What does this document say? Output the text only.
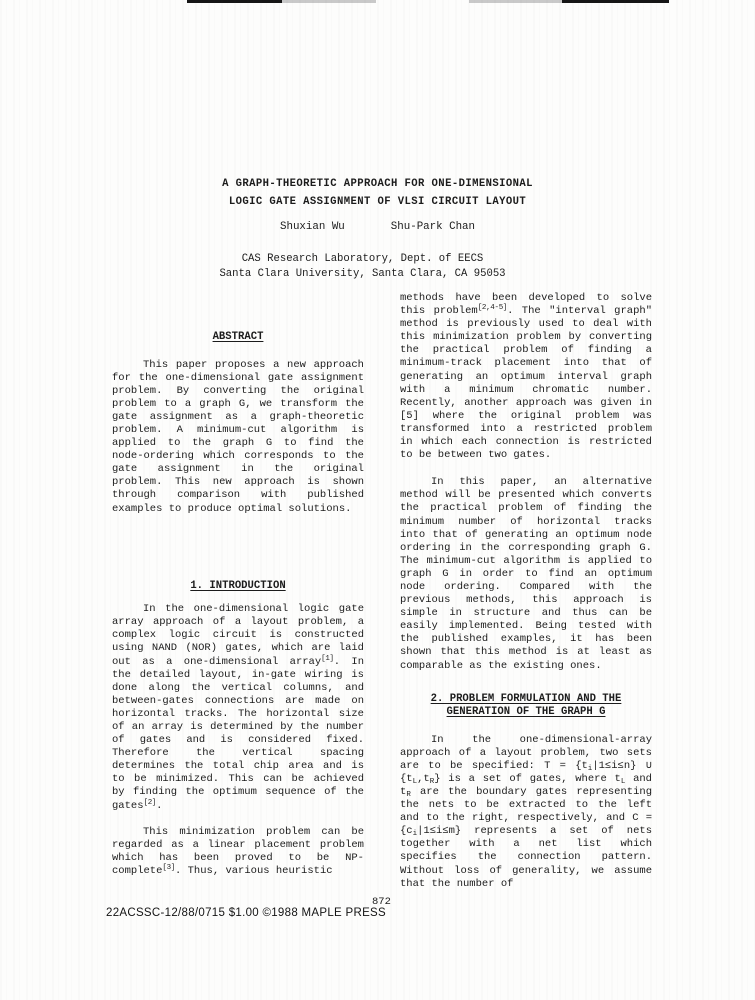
A GRAPH-THEORETIC APPROACH FOR ONE-DIMENSIONAL
LOGIC GATE ASSIGNMENT OF VLSI CIRCUIT LAYOUT
Shuxian Wu	Shu-Park Chan
CAS Research Laboratory, Dept. of EECS
Santa Clara University, Santa Clara, CA 95053
ABSTRACT

This paper proposes a new approach for the one-dimensional gate assignment problem. By converting the original problem to a graph G, we transform the gate assignment as a graph-theoretic problem. A minimum-cut algorithm is applied to the graph G to find the node-ordering which corresponds to the gate assignment in the original problem. This new approach is shown through comparison with published examples to produce optimal solutions.

1. INTRODUCTION

In the one-dimensional logic gate array approach of a layout problem, a complex logic circuit is constructed using NAND (NOR) gates, which are laid out as a one-dimensional array[1]. In the detailed layout, in-gate wiring is done along the vertical columns, and between-gates connections are made on horizontal tracks. The horizontal size of an array is determined by the number of gates and is considered fixed. Therefore the vertical spacing determines the total chip area and is to be minimized. This can be achieved by finding the optimum sequence of the gates[2].

This minimization problem can be regarded as a linear placement problem which has been proved to be NP-complete[3]. Thus, various heuristic

methods have been developed to solve this problem[2,4-5]. The "interval graph" method is previously used to deal with this minimization problem by converting the practical problem of finding a minimum-track placement into that of generating an optimum interval graph with a minimum chromatic number. Recently, another approach was given in [5] where the original problem was transformed into a restricted problem in which each connection is restricted to be between two gates.

In this paper, an alternative method will be presented which converts the practical problem of finding the minimum number of horizontal tracks into that of generating an optimum node ordering in the corresponding graph G. The minimum-cut algorithm is applied to graph G in order to find an optimum node ordering. Compared with the previous methods, this approach is simple in structure and thus can be easily implemented. Being tested with the published examples, it has been shown that this method is at least as comparable as the existing ones.

2. PROBLEM FORMULATION AND THE
GENERATION OF THE GRAPH G

In the one-dimensional-array approach of a layout problem, two sets are to be specified: $T = \{t_i|1\le i\le n\}$ ∪ $\{t_L,t_R\}$ is a set of gates, where $t_L$ and $t_R$ are the boundary gates representing the nets to be extracted to the left and to the right, respectively, and $C = \{c_i|1\le i\le m\}$ represents a set of nets together with a net list which specifies the connection pattern. Without loss of generality, we assume that the number of

872
22ACSSC-12/88/0715 $1.00 ©1988 MAPLE PRESS
